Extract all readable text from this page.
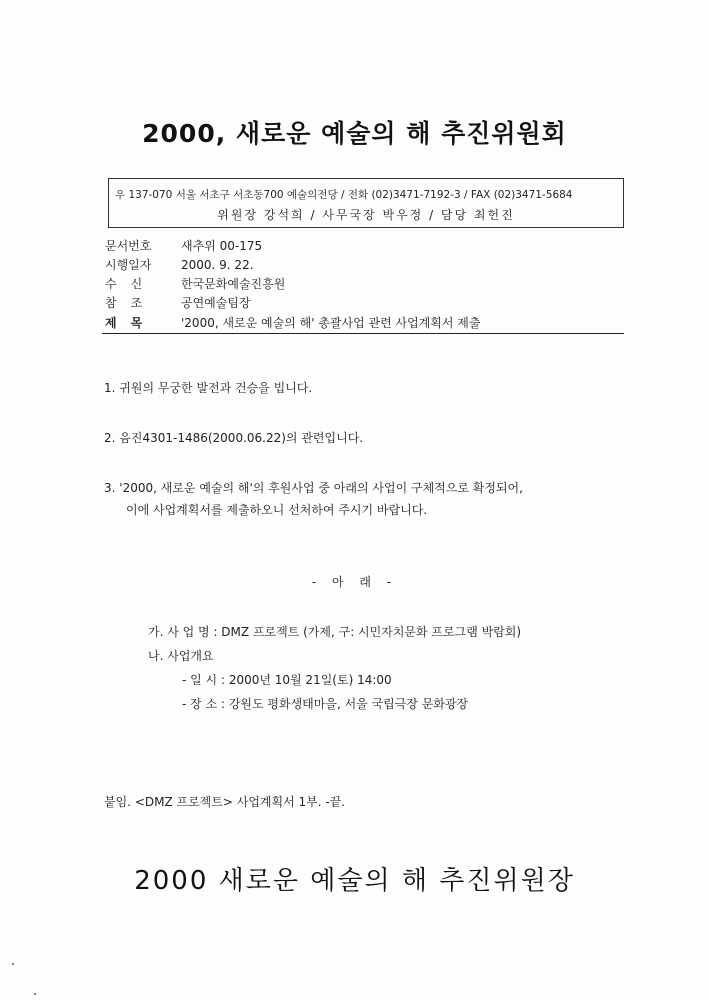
2000, 새로운 예술의 해 추진위원회
우 137-070 서울 서초구 서초동700 예술의전당 / 전화 (02)3471-7192-3 / FAX (02)3471-5684
위원장 강석희 / 사무국장 박우정 / 담당 최헌진
문서번호 새추위 00-175
시행일자 2000. 9. 22.
수신 한국문화예술진흥원
참조 공연예술팀장
제목 '2000, 새로운 예술의 해' 총괄사업 관련 사업계획서 제출
1. 귀원의 무궁한 발전과 건승을 빕니다.
2. 음진4301-1486(2000.06.22)의 관련입니다.
3. '2000, 새로운 예술의 해'의 후원사업 중 아래의 사업이 구체적으로 확정되어,
이에 사업계획서를 제출하오니 선처하여 주시기 바랍니다.
- 아 래 -
가. 사 업 명 : DMZ 프로젝트 (가제, 구: 시민자치문화 프로그램 박람회)
나. 사업개요
- 일 시 : 2000년 10월 21일(토) 14:00
- 장 소 : 강원도 평화생태마을, 서울 국립극장 문화광장
붙임. <DMZ 프로젝트> 사업계획서 1부. -끝.
2000 새로운 예술의 해 추진위원장
